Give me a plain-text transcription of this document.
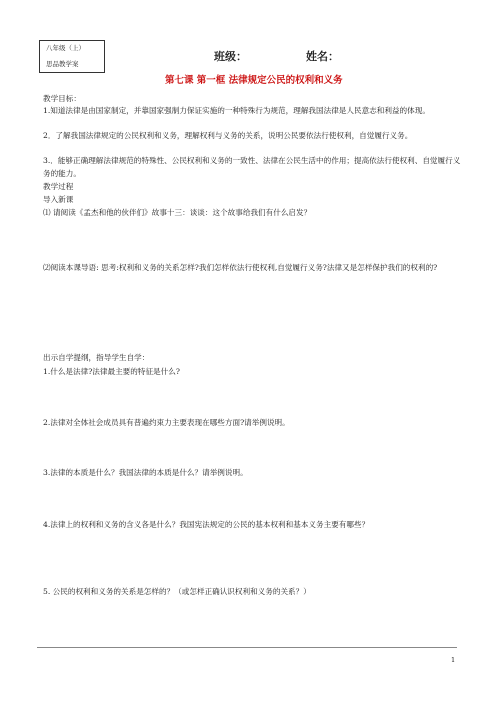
八年级（上）
思品教学案
班级：	姓名：
第七课 第一框 法律规定公民的权利和义务

教学目标：

1.知道法律是由国家制定，并靠国家强制力保证实施的一种特殊行为规范，理解我国法律是人民意志和利益的体现。

2．了解我国法律规定的公民权利和义务，理解权利与义务的关系，说明公民要依法行使权利，自觉履行义务。

3.．能够正确理解法律规范的特殊性、公民权利和义务的一致性、法律在公民生活中的作用；提高依法行使权利、自觉履行义务的能力。

教学过程

导入新课

⑴ 请阅读《孟杰和他的伙伴们》故事十三：谈谈：这个故事给我们有什么启发？

⑵阅读本课导语: 思考:权利和义务的关系怎样?我们怎样依法行使权利,自觉履行义务?法律又是怎样保护我们的权利的?

出示自学提纲，指导学生自学：

1.什么是法律?法律最主要的特征是什么?

2.法律对全体社会成员具有普遍约束力主要表现在哪些方面?请举例说明。

3.法律的本质是什么？我国法律的本质是什么？请举例说明。

4.法律上的权利和义务的含义各是什么？我国宪法规定的公民的基本权利和基本义务主要有哪些？

5. 公民的权利和义务的关系是怎样的？（或怎样正确认识权利和义务的关系？）

1
